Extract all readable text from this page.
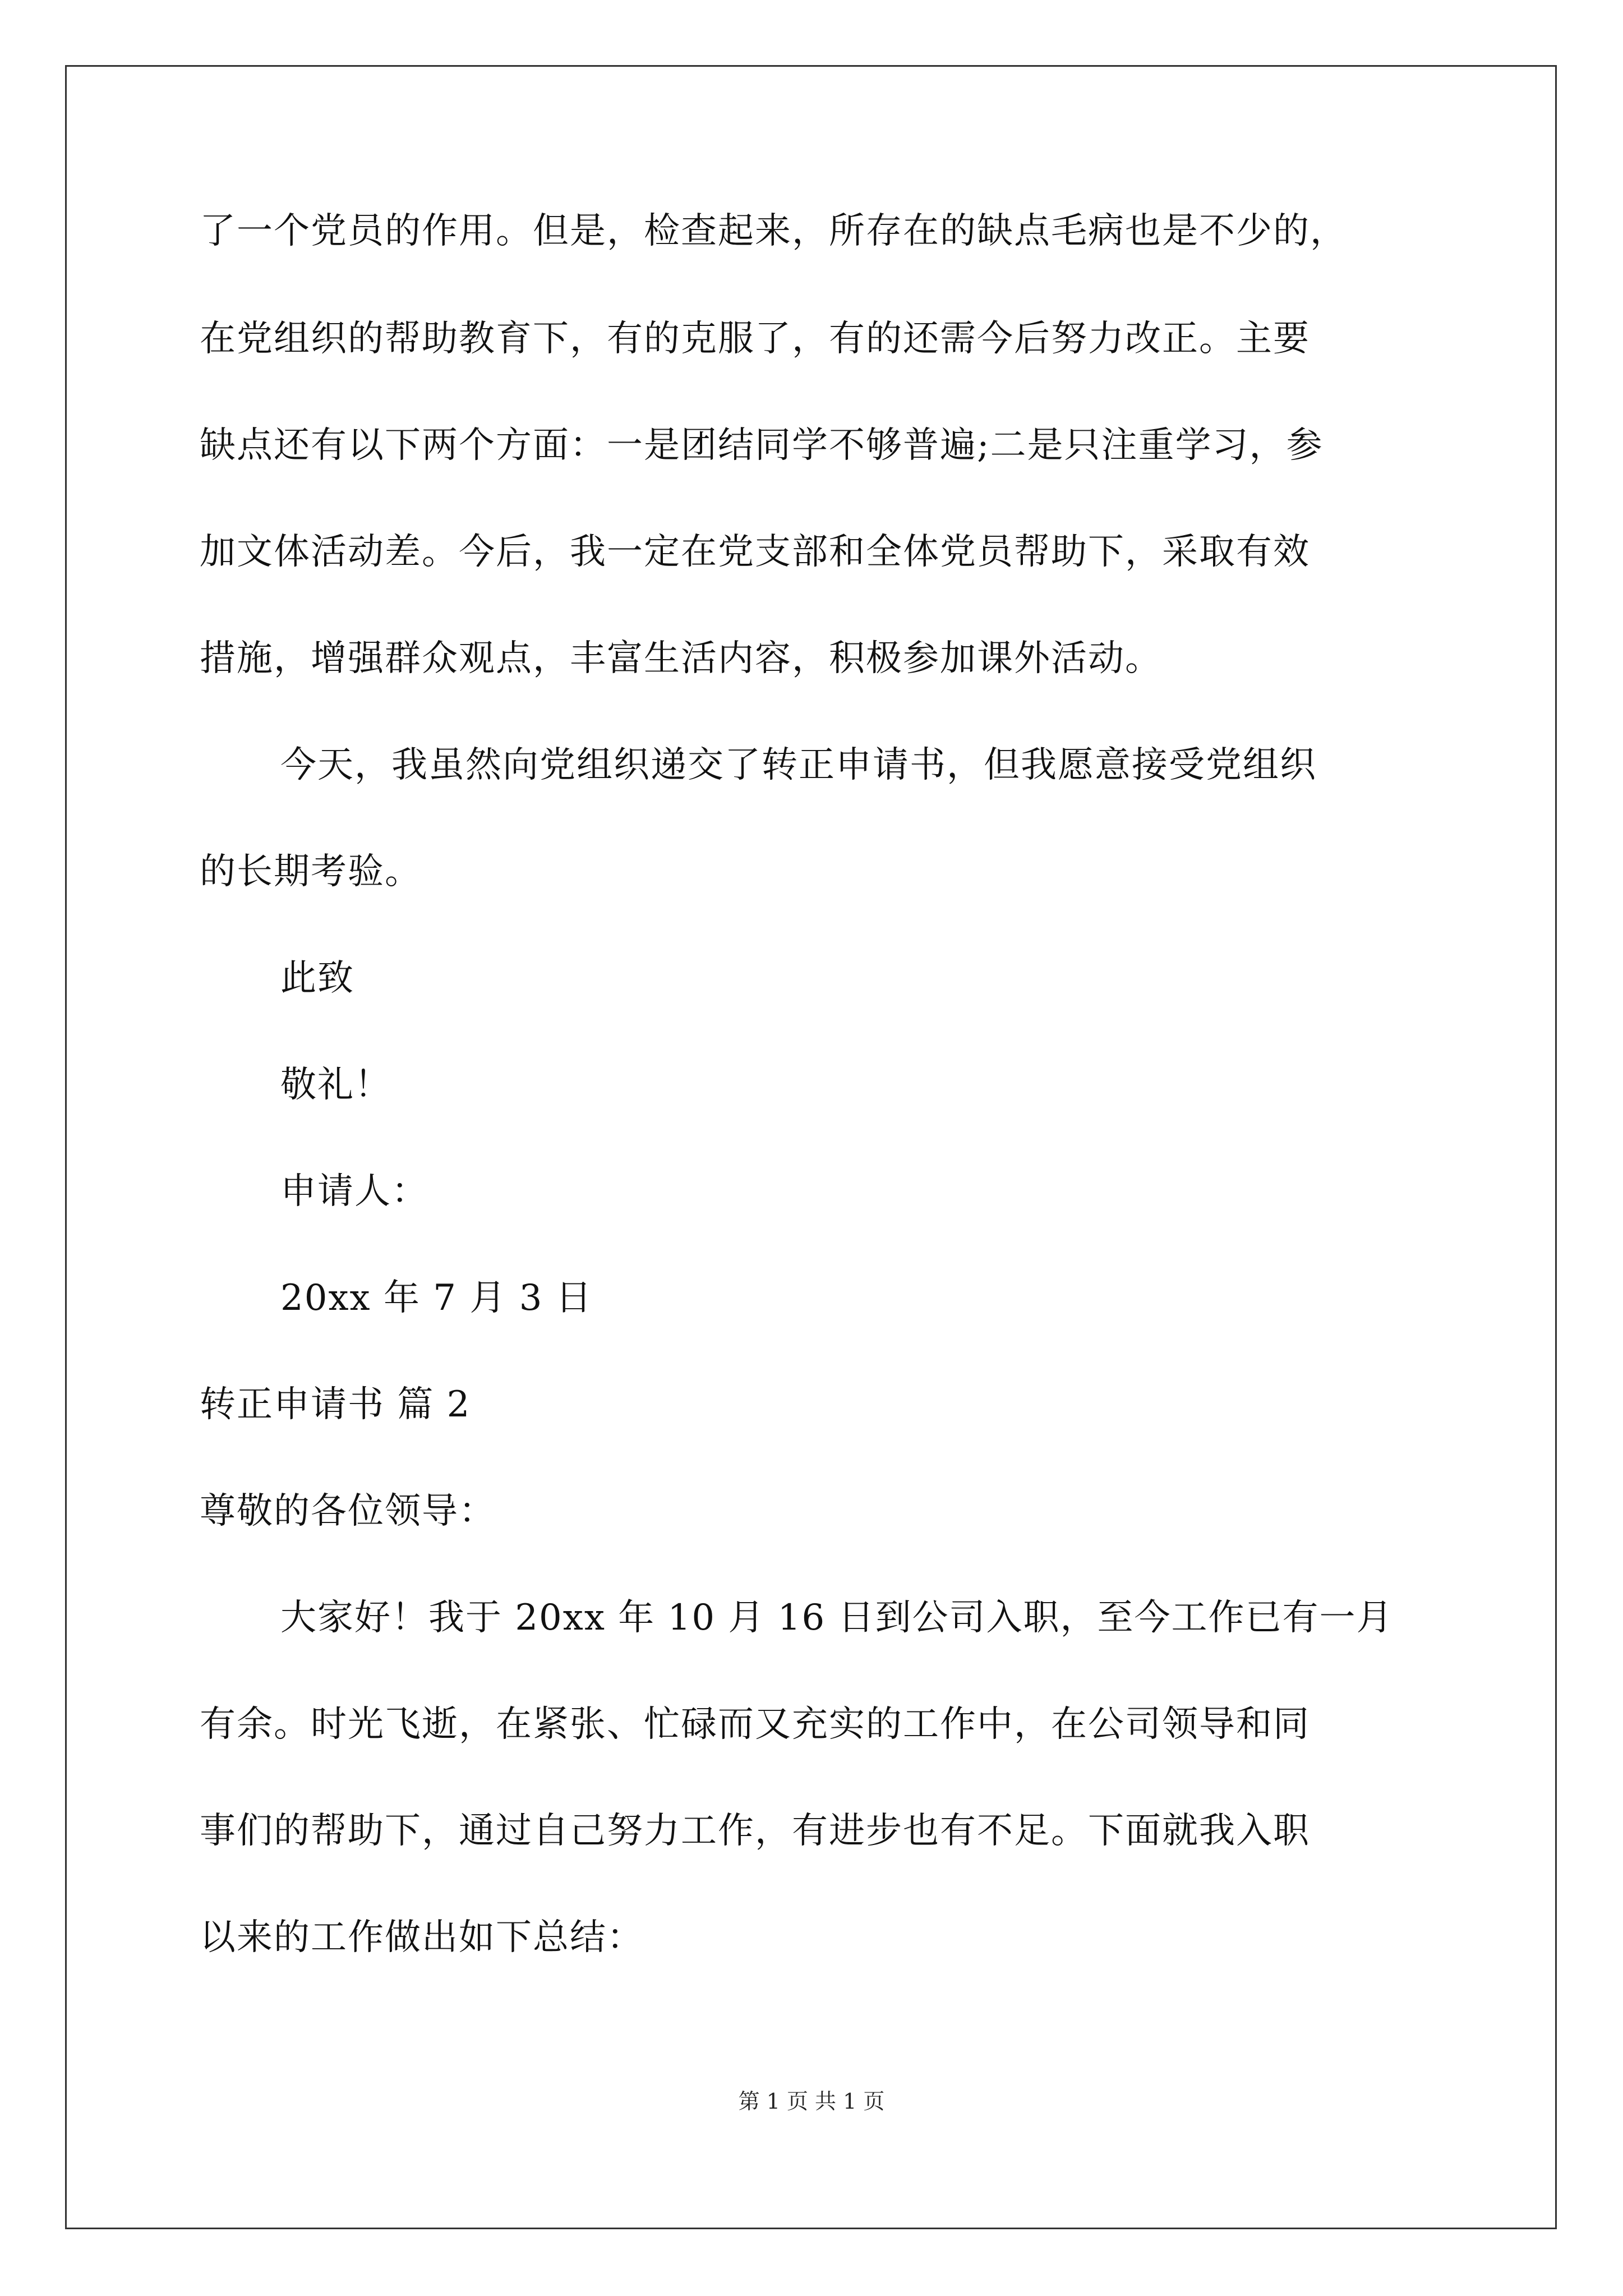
了一个党员的作用。但是，检查起来，所存在的缺点毛病也是不少的，
在党组织的帮助教育下，有的克服了，有的还需今后努力改正。主要
缺点还有以下两个方面：一是团结同学不够普遍;二是只注重学习，参
加文体活动差。今后，我一定在党支部和全体党员帮助下，采取有效
措施，增强群众观点，丰富生活内容，积极参加课外活动。
今天，我虽然向党组织递交了转正申请书，但我愿意接受党组织
的长期考验。
此致
敬礼！
申请人：
20xx 年 7 月 3 日
转正申请书 篇 2
尊敬的各位领导：
大家好！我于 20xx 年 10 月 16 日到公司入职，至今工作已有一月
有余。时光飞逝，在紧张、忙碌而又充实的工作中，在公司领导和同
事们的帮助下，通过自己努力工作，有进步也有不足。下面就我入职
以来的工作做出如下总结：
第 1 页 共 1 页
